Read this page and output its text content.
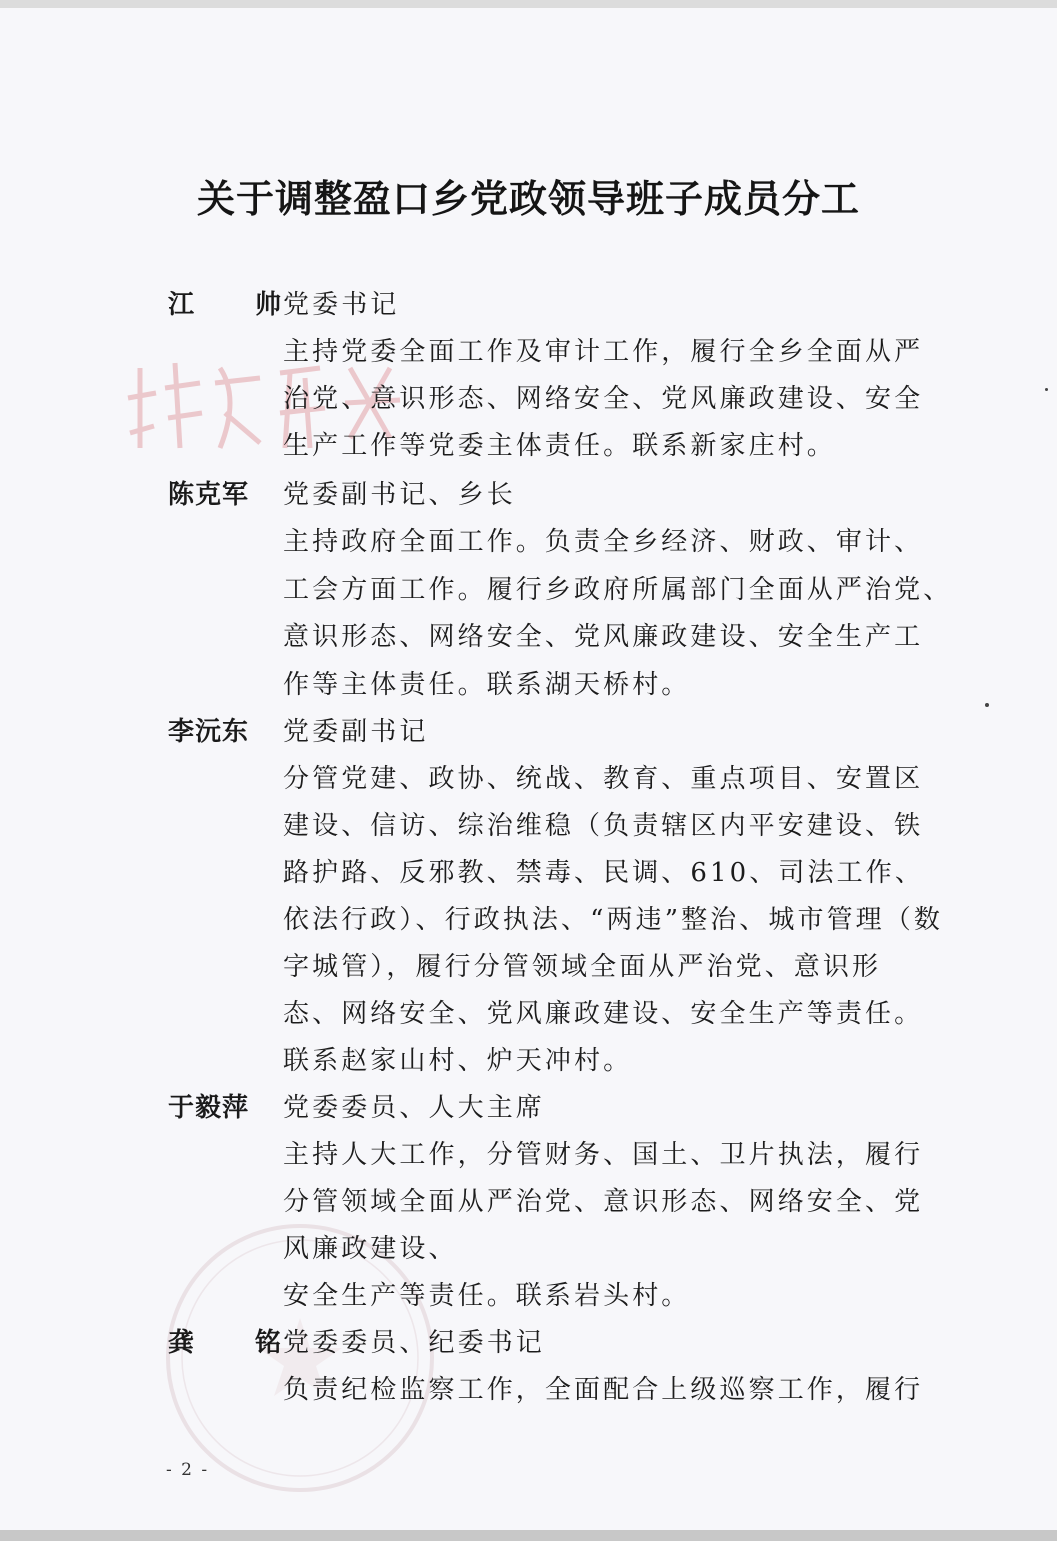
关于调整盈口乡党政领导班子成员分工
江 帅
党委书记
主持党委全面工作及审计工作，履行全乡全面从严
治党、意识形态、网络安全、党风廉政建设、安全
生产工作等党委主体责任。联系新家庄村。
陈克军 党委副书记、乡长
主持政府全面工作。负责全乡经济、财政、审计、
工会方面工作。履行乡政府所属部门全面从严治党、
意识形态、网络安全、党风廉政建设、安全生产工
作等主体责任。联系湖天桥村。
李沅东 党委副书记
分管党建、政协、统战、教育、重点项目、安置区
建设、信访、综治维稳（负责辖区内平安建设、铁
路护路、反邪教、禁毒、民调、610、司法工作、
依法行政）、行政执法、“两违”整治、城市管理（数
字城管），履行分管领域全面从严治党、意识形
态、网络安全、党风廉政建设、安全生产等责任。
联系赵家山村、炉天冲村。
于毅萍 党委委员、人大主席
主持人大工作，分管财务、国土、卫片执法，履行
分管领域全面从严治党、意识形态、网络安全、党
风廉政建设、
安全生产等责任。联系岩头村。
龚 铭
党委委员、纪委书记
负责纪检监察工作，全面配合上级巡察工作，履行
- 2 -
